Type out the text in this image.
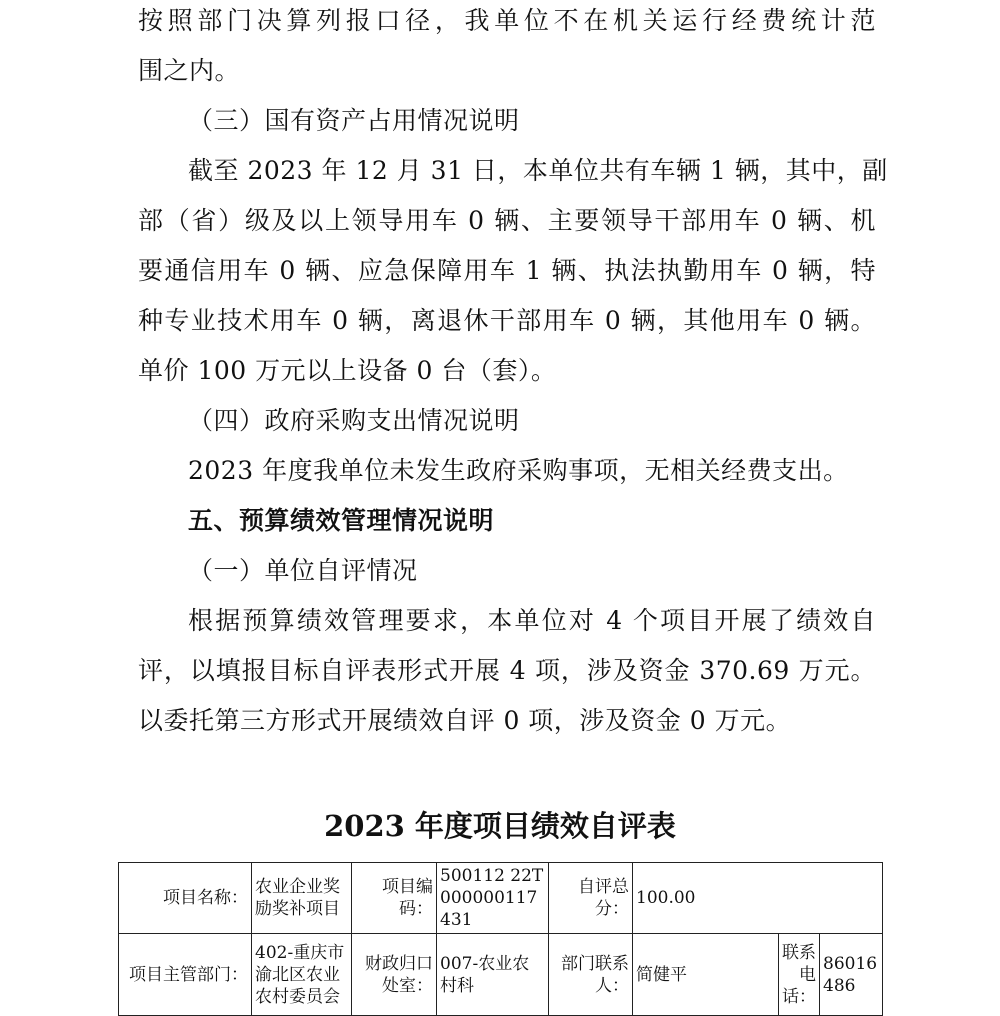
按照部门决算列报口径，我单位不在机关运行经费统计范
围之内。
（三）国有资产占用情况说明
截至 2023 年 12 月 31 日，本单位共有车辆 1 辆，其中，副
部（省）级及以上领导用车 0 辆、主要领导干部用车 0 辆、机
要通信用车 0 辆、应急保障用车 1 辆、执法执勤用车 0 辆，特
种专业技术用车 0 辆，离退休干部用车 0 辆，其他用车 0 辆。
单价 100 万元以上设备 0 台（套）。
（四）政府采购支出情况说明
2023 年度我单位未发生政府采购事项，无相关经费支出。
五、预算绩效管理情况说明
（一）单位自评情况
根据预算绩效管理要求，本单位对 4 个项目开展了绩效自
评，以填报目标自评表形式开展 4 项，涉及资金 370.69 万元。
以委托第三方形式开展绩效自评 0 项，涉及资金 0 万元。
2023 年度项目绩效自评表
项目名称：	农业企业奖励奖补项目	项目编码：	500112 22T000000117431	自评总分：	100.00		
项目主管部门：	402-重庆市渝北区农业农村委员会	财政归口处室：	007-农业农村科	部门联系人：	简健平	联系电话：	86016486
